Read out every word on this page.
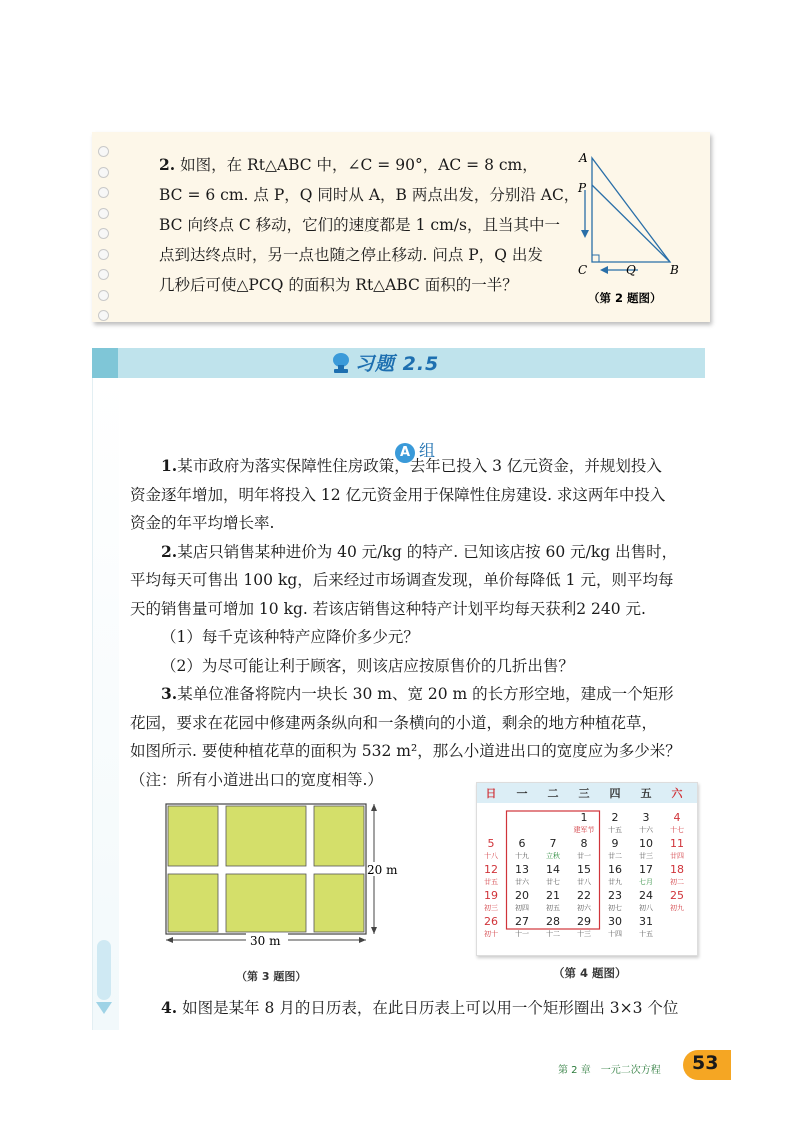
2. 如图，在 Rt△ABC 中，∠C = 90°，AC = 8 cm，

BC = 6 cm. 点 P，Q 同时从 A，B 两点出发，分别沿 AC，

BC 向终点 C 移动，它们的速度都是 1 cm/s，且当其中一

点到达终点时，另一点也随之停止移动. 问点 P，Q 出发

几秒后可使△PCQ 的面积为 Rt△ABC 面积的一半？

A
P
C	Q	B
（第 2 题图）
习题 2.5
A 组

1.某市政府为落实保障性住房政策，去年已投入 3 亿元资金，并规划投入

资金逐年增加，明年将投入 12 亿元资金用于保障性住房建设. 求这两年中投入

资金的年平均增长率.

2.某店只销售某种进价为 40 元/kg 的特产. 已知该店按 60 元/kg 出售时，

平均每天可售出 100 kg，后来经过市场调查发现，单价每降低 1 元，则平均每

天的销售量可增加 10 kg. 若该店销售这种特产计划平均每天获利2 240 元.

（1）每千克该种特产应降价多少元？

（2）为尽可能让利于顾客，则该店应按原售价的几折出售？

3.某单位准备将院内一块长 30 m、宽 20 m 的长方形空地，建成一个矩形

花园，要求在花园中修建两条纵向和一条横向的小道，剩余的地方种植花草，

如图所示. 要使种植花草的面积为 532 m²，那么小道进出口的宽度应为多少米？

（注：所有小道进出口的宽度相等.）

30 m
20 m
（第 3 题图）
日 一 二 三 四 五 六
1
建军节
2
十五
3
十六
4
十七
5
十八
6
十九
7
立秋
8
廿一
9
廿二
10
廿三
11
廿四
12
廿五
13
廿六
14
廿七
15
廿八
16
廿九
17
七月
18
初二
19
初三
20
初四
21
初五
22
初六
23
初七
24
初八
25
初九
26
初十
27
十一
28
十二
29
十三
30
十四
31
十五
（第 4 题图）

4. 如图是某年 8 月的日历表，在此日历表上可以用一个矩形圈出 3×3 个位

第 2 章　一元二次方程 53
